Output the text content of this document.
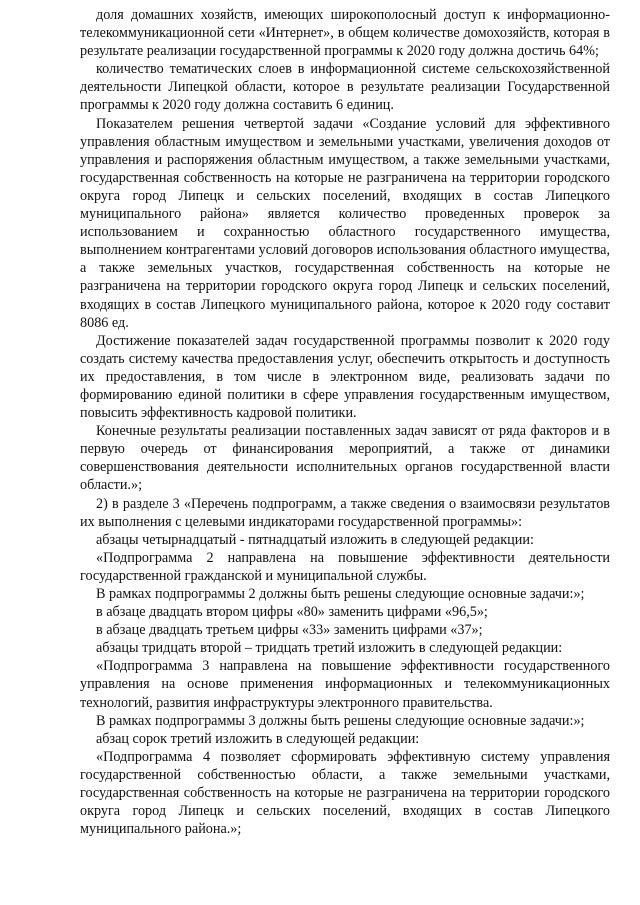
доля домашних хозяйств, имеющих широкополосный доступ к информационно-телекоммуникационной сети «Интернет», в общем количестве домохозяйств, которая в результате реализации государственной программы к 2020 году должна достичь 64%;

количество тематических слоев в информационной системе сельскохозяйственной деятельности Липецкой области, которое в результате реализации Государственной программы к 2020 году должна составить 6 единиц.

Показателем решения четвертой задачи «Создание условий для эффективного управления областным имуществом и земельными участками, увеличения доходов от управления и распоряжения областным имуществом, а также земельными участками, государственная собственность на которые не разграничена на территории городского округа город Липецк и сельских поселений, входящих в состав Липецкого муниципального района» является количество проведенных проверок за использованием и сохранностью областного государственного имущества, выполнением контрагентами условий договоров использования областного имущества, а также земельных участков, государственная собственность на которые не разграничена на территории городского округа город Липецк и сельских поселений, входящих в состав Липецкого муниципального района, которое к 2020 году составит 8086 ед.

Достижение показателей задач государственной программы позволит к 2020 году создать систему качества предоставления услуг, обеспечить открытость и доступность их предоставления, в том числе в электронном виде, реализовать задачи по формированию единой политики в сфере управления государственным имуществом, повысить эффективность кадровой политики.

Конечные результаты реализации поставленных задач зависят от ряда факторов и в первую очередь от финансирования мероприятий, а также от динамики совершенствования деятельности исполнительных органов государственной власти области.»;

2) в разделе 3 «Перечень подпрограмм, а также сведения о взаимосвязи результатов их выполнения с целевыми индикаторами государственной программы»:

абзацы четырнадцатый - пятнадцатый изложить в следующей редакции:

«Подпрограмма 2 направлена на повышение эффективности деятельности государственной гражданской и муниципальной службы.

В рамках подпрограммы 2 должны быть решены следующие основные задачи:»;

в абзаце двадцать втором цифры «80» заменить цифрами «96,5»;

в абзаце двадцать третьем цифры «33» заменить цифрами «37»;

абзацы тридцать второй – тридцать третий изложить в следующей редакции:

«Подпрограмма 3 направлена на повышение эффективности государственного управления на основе применения информационных и телекоммуникационных технологий, развития инфраструктуры электронного правительства.

В рамках подпрограммы 3 должны быть решены следующие основные задачи:»;

абзац сорок третий изложить в следующей редакции:

«Подпрограмма 4 позволяет сформировать эффективную систему управления государственной собственностью области, а также земельными участками, государственная собственность на которые не разграничена на территории городского округа город Липецк и сельских поселений, входящих в состав Липецкого муниципального района.»;
